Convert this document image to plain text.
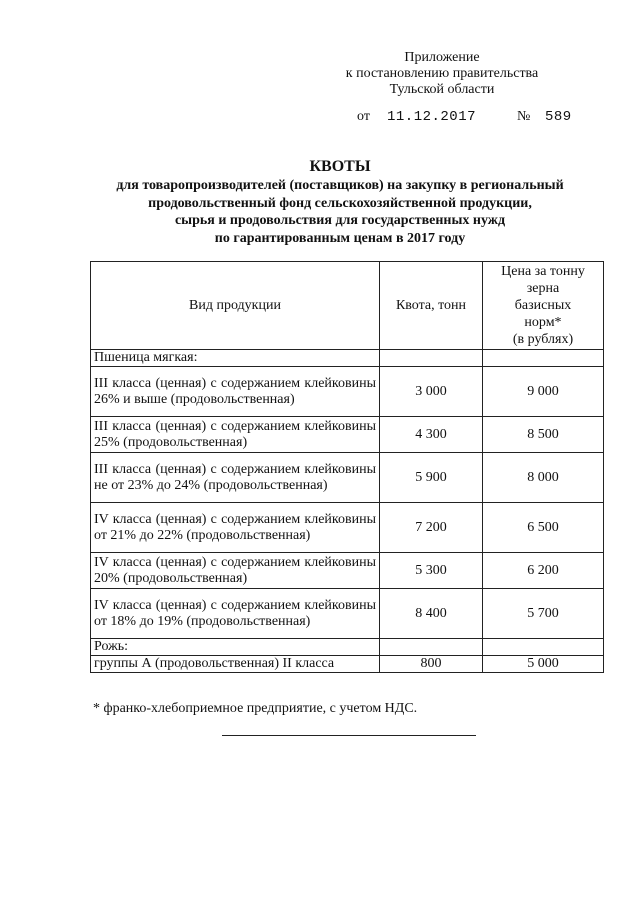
Приложение
к постановлению правительства
Тульской области
от 11.12.2017	№ 589
КВОТЫ
для товаропроизводителей (поставщиков) на закупку в региональный
продовольственный фонд сельскохозяйственной продукции,
сырья и продовольствия для государственных нужд
по гарантированным ценам в 2017 году
Вид продукции	Квота, тонн	Цена за тонну
зерна
базисных
норм*
(в рублях)

Пшеница мягкая:		
III класса (ценная) с содержанием клейковины 26% и выше (продовольственная)	3 000	9 000
III класса (ценная) с содержанием клейковины 25% (продовольственная)	4 300	8 500
III класса (ценная) с содержанием клейковины не от 23% до 24% (продовольственная)	5 900	8 000
IV класса (ценная) с содержанием клейковины от 21% до 22% (продовольственная)	7 200	6 500
IV класса (ценная) с содержанием клейковины 20% (продовольственная)	5 300	6 200
IV класса (ценная) с содержанием клейковины от 18% до 19% (продовольственная)	8 400	5 700
Рожь:		
группы А (продовольственная) II класса	800	5 000
* франко-хлебоприемное предприятие, с учетом НДС.
